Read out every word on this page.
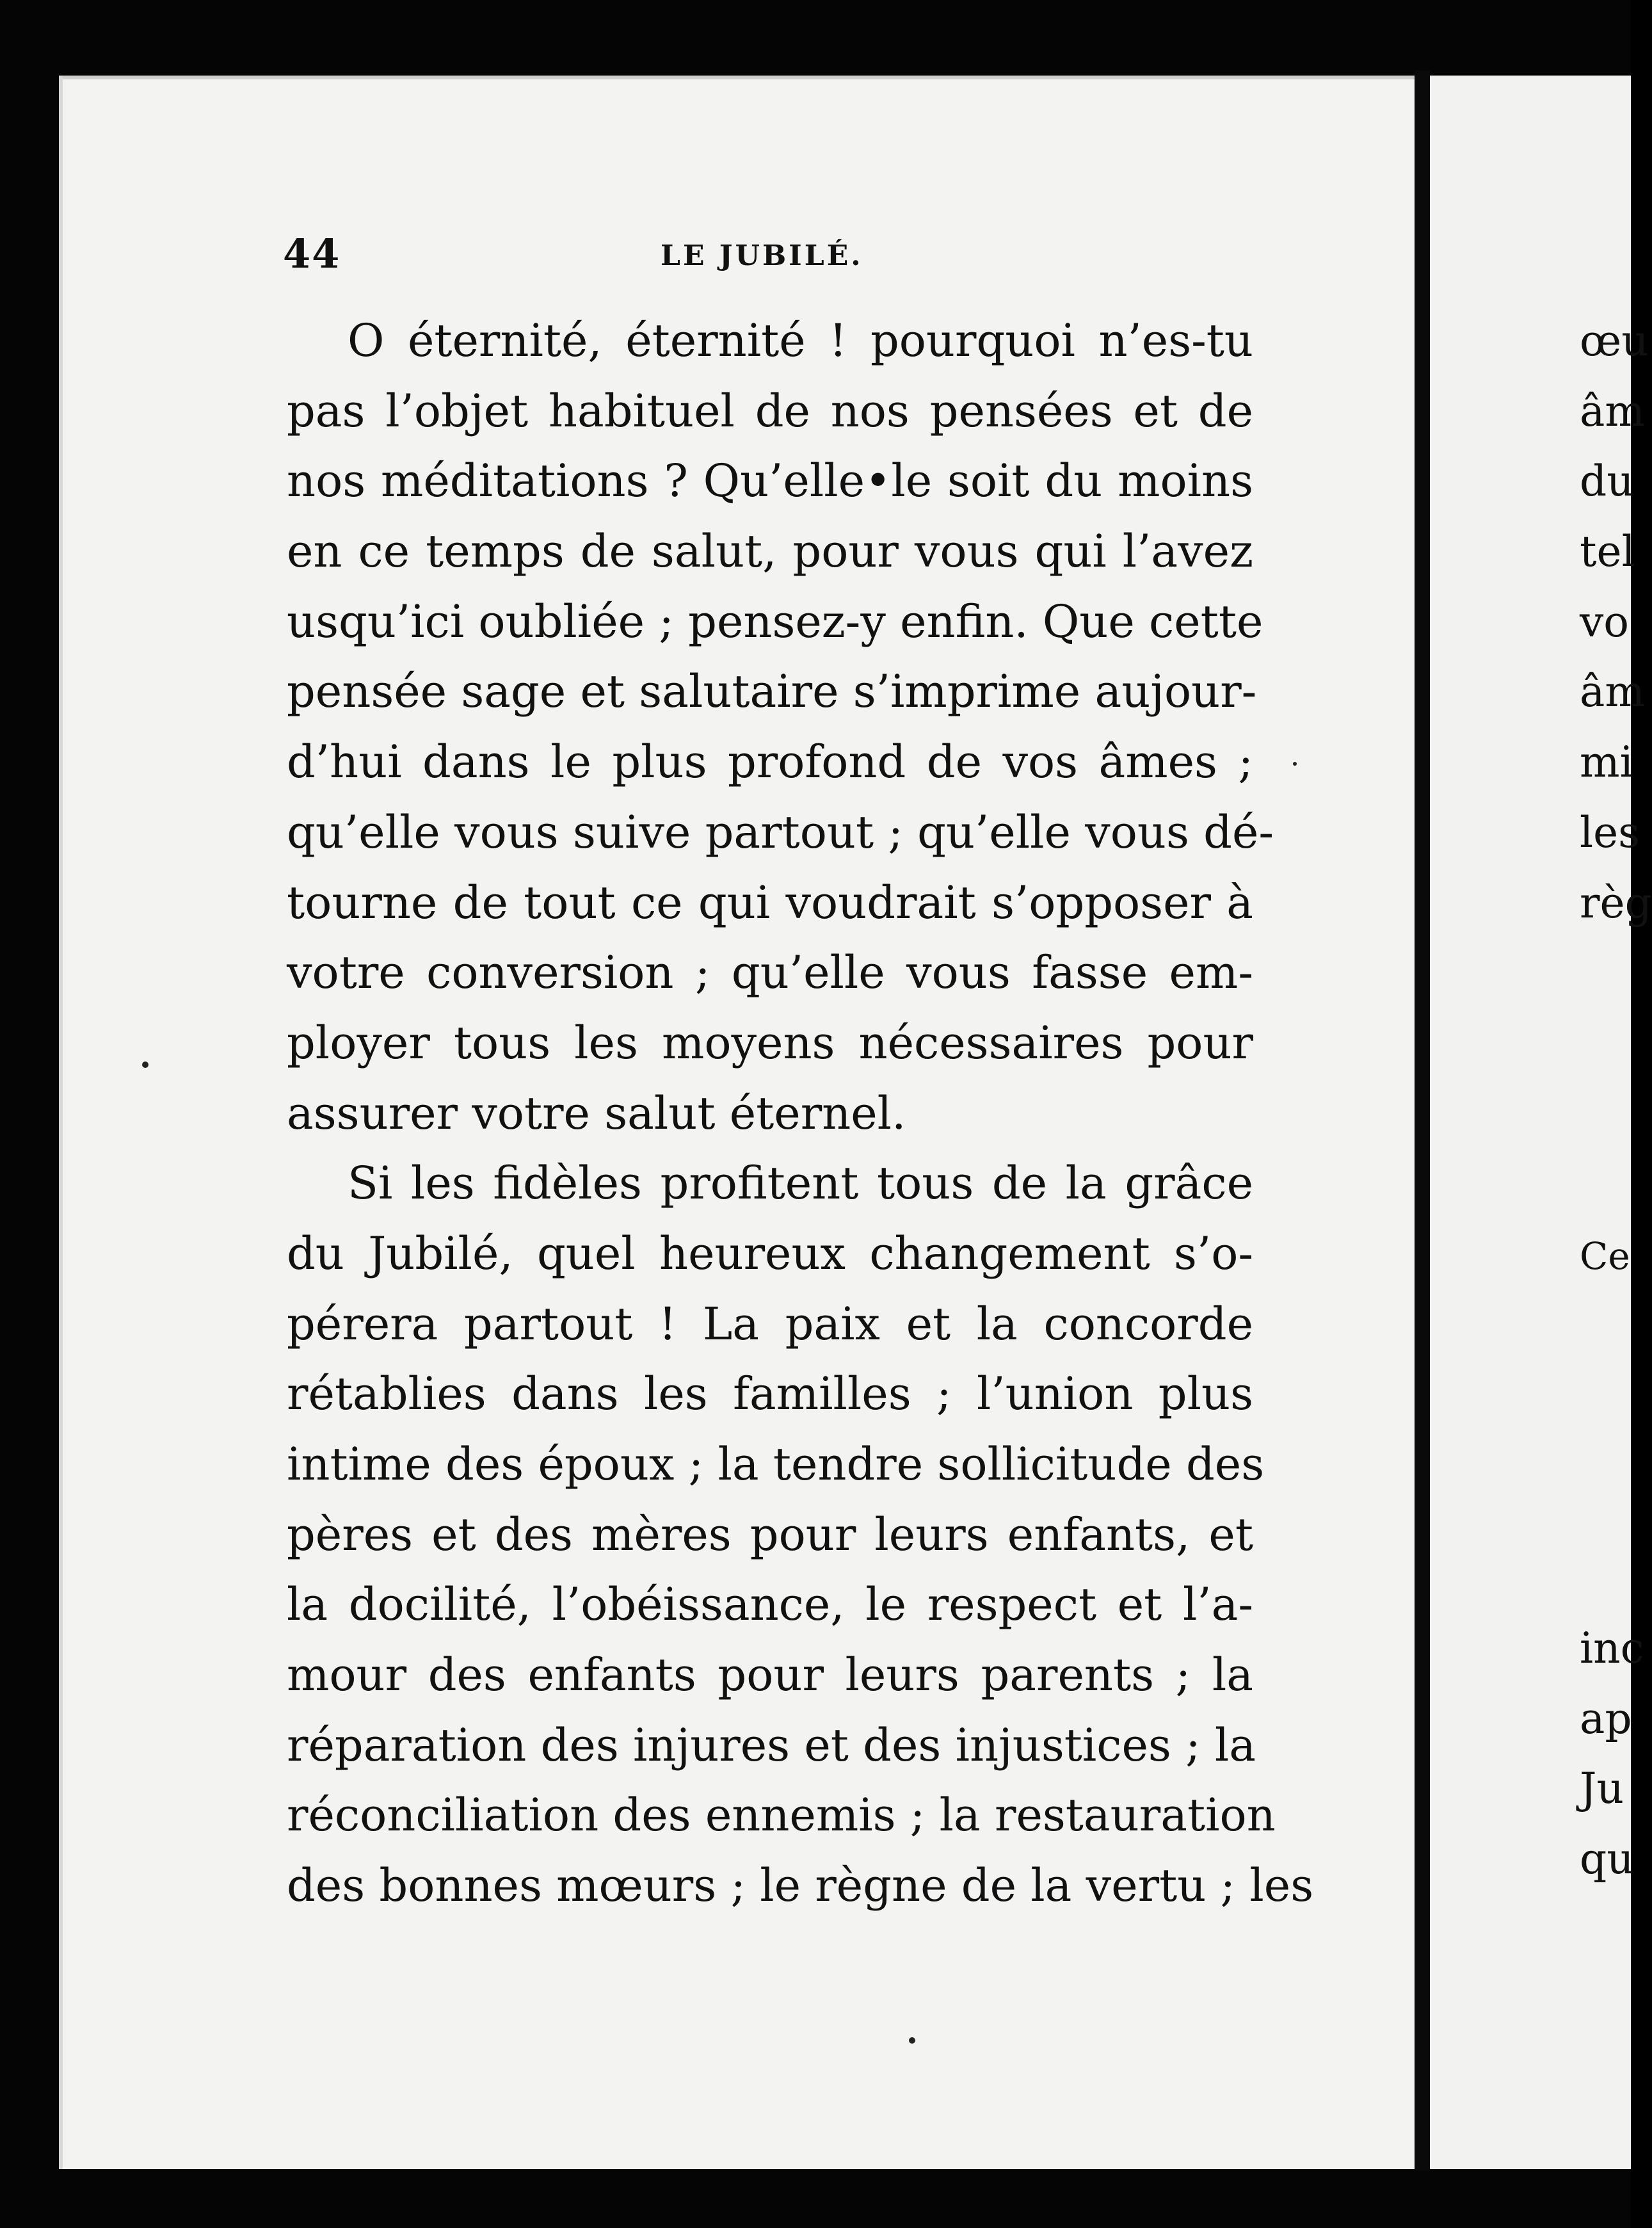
44	LE JUBILÉ.
O éternité, éternité ! pourquoi n’es-tu
pas l’objet habituel de nos pensées et de
nos méditations ? Qu’elle•le soit du moins
en ce temps de salut, pour vous qui l’avez
usqu’ici oubliée ; pensez-y enfin. Que cette
pensée sage et salutaire s’imprime aujour-
d’hui dans le plus profond de vos âmes ;
qu’elle vous suive partout ; qu’elle vous dé-
tourne de tout ce qui voudrait s’opposer à
votre conversion ; qu’elle vous fasse em-
ployer tous les moyens nécessaires pour
assurer votre salut éternel.
Si les fidèles profitent tous de la grâce
du Jubilé, quel heureux changement s’o-
pérera partout ! La paix et la concorde
rétablies dans les familles ; l’union plus
intime des époux ; la tendre sollicitude des
pères et des mères pour leurs enfants, et
la docilité, l’obéissance, le respect et l’a-
mour des enfants pour leurs parents ; la
réparation des injures et des injustices ; la
réconciliation des ennemis ; la restauration
des bonnes mœurs ; le règne de la vertu ; les
œu
âm
du
tel
vo
âm
mi
les
règ
Ce
inc
ap
Ju
qu
